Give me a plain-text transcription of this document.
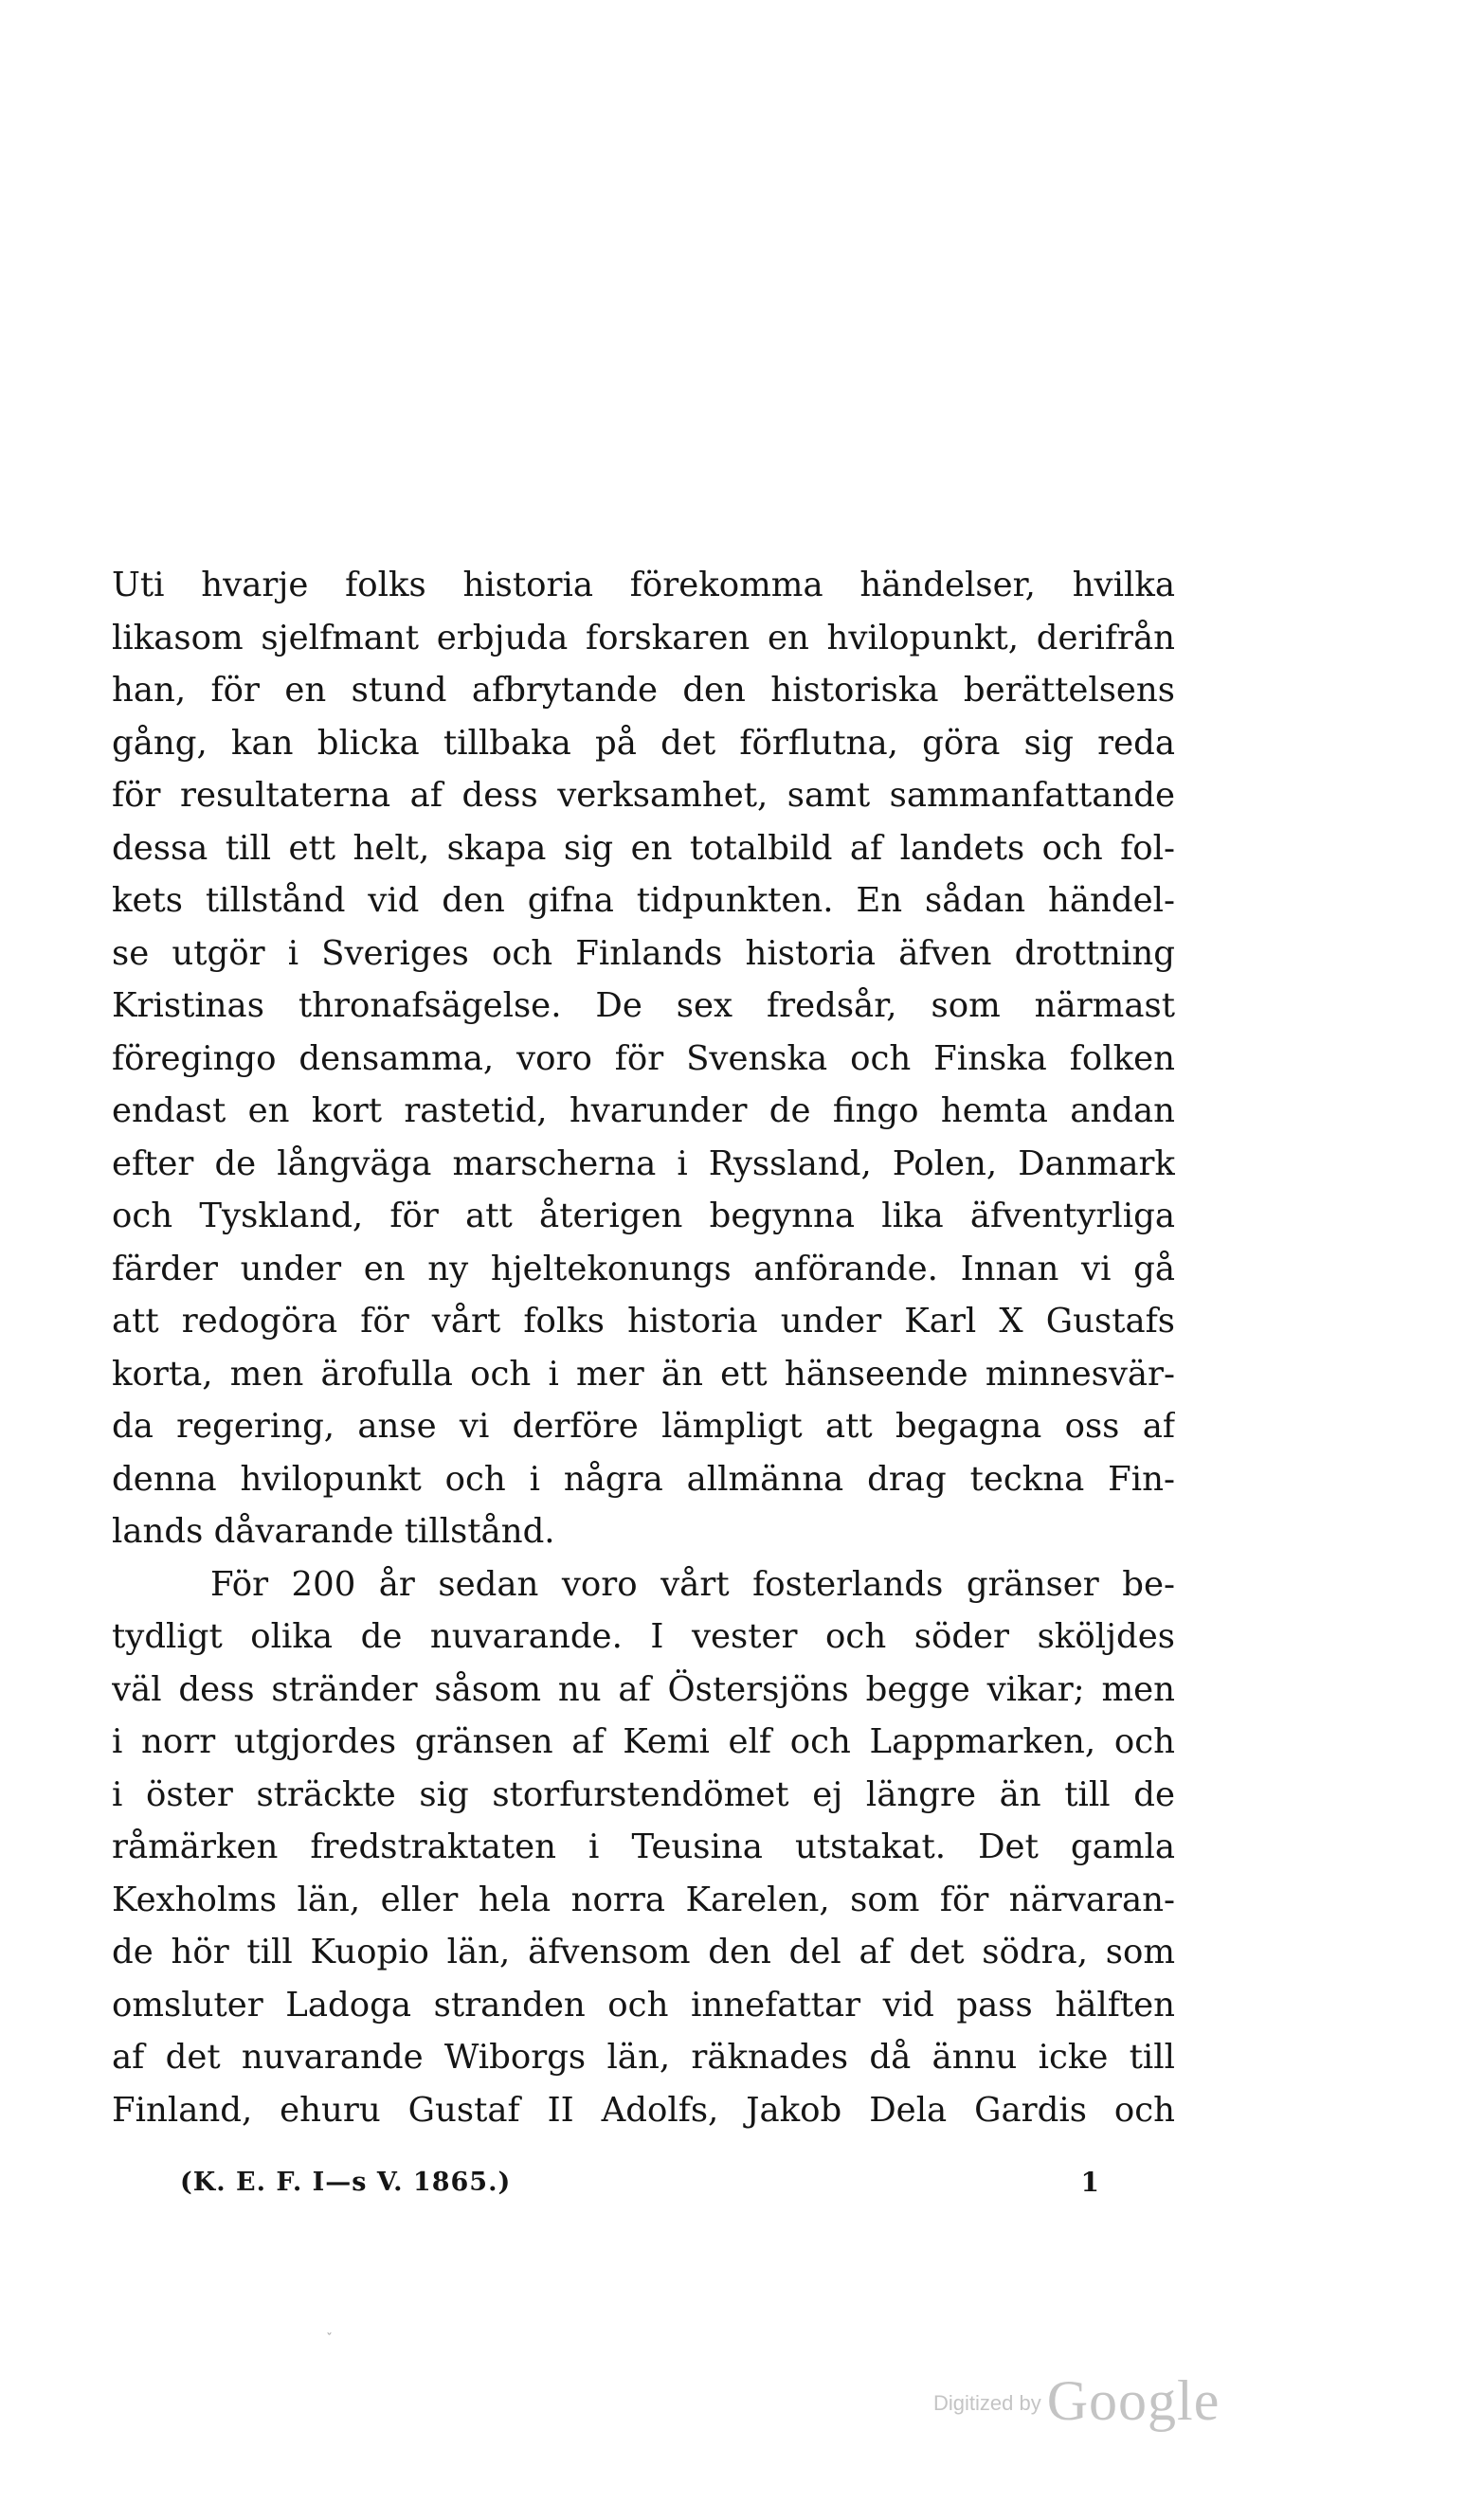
Uti hvarje folks historia förekomma händelser, hvilka
likasom sjelfmant erbjuda forskaren en hvilopunkt, derifrån
han, för en stund afbrytande den historiska berättelsens
gång, kan blicka tillbaka på det förflutna, göra sig reda
för resultaterna af dess verksamhet, samt sammanfattande
dessa till ett helt, skapa sig en totalbild af landets och fol-
kets tillstånd vid den gifna tidpunkten. En sådan händel-
se utgör i Sveriges och Finlands historia äfven drottning
Kristinas thronafsägelse. De sex fredsår, som närmast
föregingo densamma, voro för Svenska och Finska folken
endast en kort rastetid, hvarunder de fingo hemta andan
efter de långväga marscherna i Ryssland, Polen, Danmark
och Tyskland, för att återigen begynna lika äfventyrliga
färder under en ny hjeltekonungs anförande. Innan vi gå
att redogöra för vårt folks historia under Karl X Gustafs
korta, men ärofulla och i mer än ett hänseende minnesvär-
da regering, anse vi derföre lämpligt att begagna oss af
denna hvilopunkt och i några allmänna drag teckna Fin-
lands dåvarande tillstånd.
För 200 år sedan voro vårt fosterlands gränser be-
tydligt olika de nuvarande. I vester och söder sköljdes
väl dess stränder såsom nu af Östersjöns begge vikar; men
i norr utgjordes gränsen af Kemi elf och Lappmarken, och
i öster sträckte sig storfurstendömet ej längre än till de
råmärken fredstraktaten i Teusina utstakat. Det gamla
Kexholms län, eller hela norra Karelen, som för närvaran-
de hör till Kuopio län, äfvensom den del af det södra, som
omsluter Ladoga stranden och innefattar vid pass hälften
af det nuvarande Wiborgs län, räknades då ännu icke till
Finland, ehuru Gustaf II Adolfs, Jakob Dela Gardis och
(K. E. F. I—s V. 1865.)	1
ˇ
Digitized by Google
